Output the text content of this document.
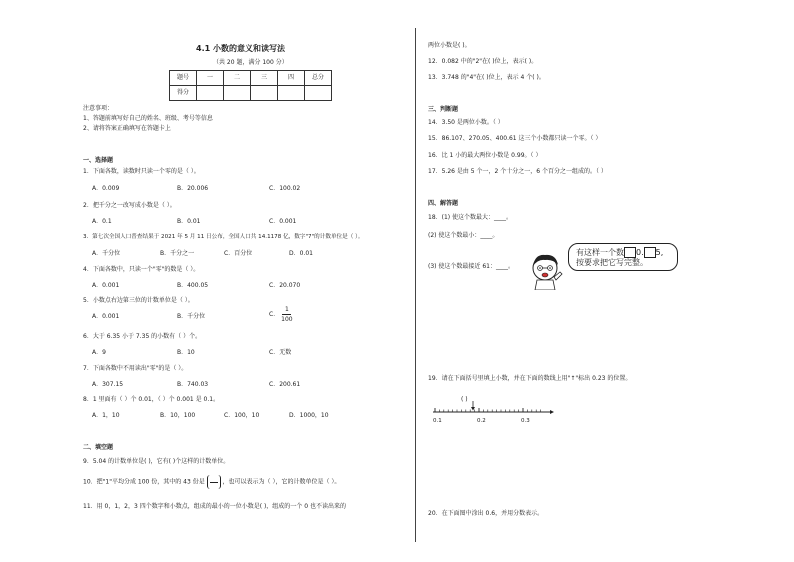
4.1 小数的意义和读写法
（共 20 题，满分 100 分）
题号	一	二	三	四	总分
得分					
注意事项：
1、答题前填写好自己的姓名、班级、考号等信息
2、请将答案正确填写在答题卡上
一、选择题
1．下面各数，读数时只读一个零的是（ ）。
A．0.009	B．20.006	C．100.02
2．把千分之一改写成小数是（ ）。
A．0.1	B．0.01	C．0.001
3．第七次全国人口普查结果于 2021 年 5 月 11 日公布，全国人口共 14.1178 亿，数字"7"的计数单位是（ ）。
A．千分位	B．千分之一	C．百分位	D．0.01
4．下面各数中，只读一个"零"的数是（ ）。
A．0.001	B．400.05	C．20.070
5．小数点右边第三位的计数单位是（ ）。
A．0.001	B．千分位	C． $\frac{1}{100}$
6．大于 6.35 小于 7.35 的小数有（ ）个。
A．9	B．10	C．无数
7．下面各数中不用读出"零"的是（ ）。
A．307.15	B．740.03	C．200.61
8．1 里面有（ ）个 0.01，（ ）个 0.001 是 0.1。
A．1，10	B．10，100	C．100，10	D．1000，10
二、填空题
9．5.04 的计数单位是( )，它有( )个这样的计数单位。
10．把"1"平均分成 100 份，其中的 43 份是	，也可以表示为（ ），它的计数单位是（ ）。
11．用 0，1，2，3 四个数字和小数点，组成的最小的一位小数是( )，组成的一个 0 也不读出来的
两位小数是( )。
12．0.082 中的"2"在( )位上，表示( )。
13．3.748 的"4"在( )位上，表示 4 个( )。
三、判断题
14．3.50 是两位小数。（ ）
15．86.107、270.05、400.61 这三个小数都只读一个零。（ ）
16．比 1 小的最大两位小数是 0.99。（ ）
17．5.26 是由 5 个一，2 个十分之一，6 个百分之一组成的。（ ）
四、解答题
18．(1) 使这个数最大：____。
(2) 使这个数最小：____。
(3) 使这个数最接近 61：____。
有这样一个数 0. 5,
按要求把它写完整。
19．请在下面括号里填上小数，并在下面的数线上用"↑"标出 0.23 的位置。
( )
0.1	0.2	0.3
20．在下面图中涂出 0.6，并用分数表示。
